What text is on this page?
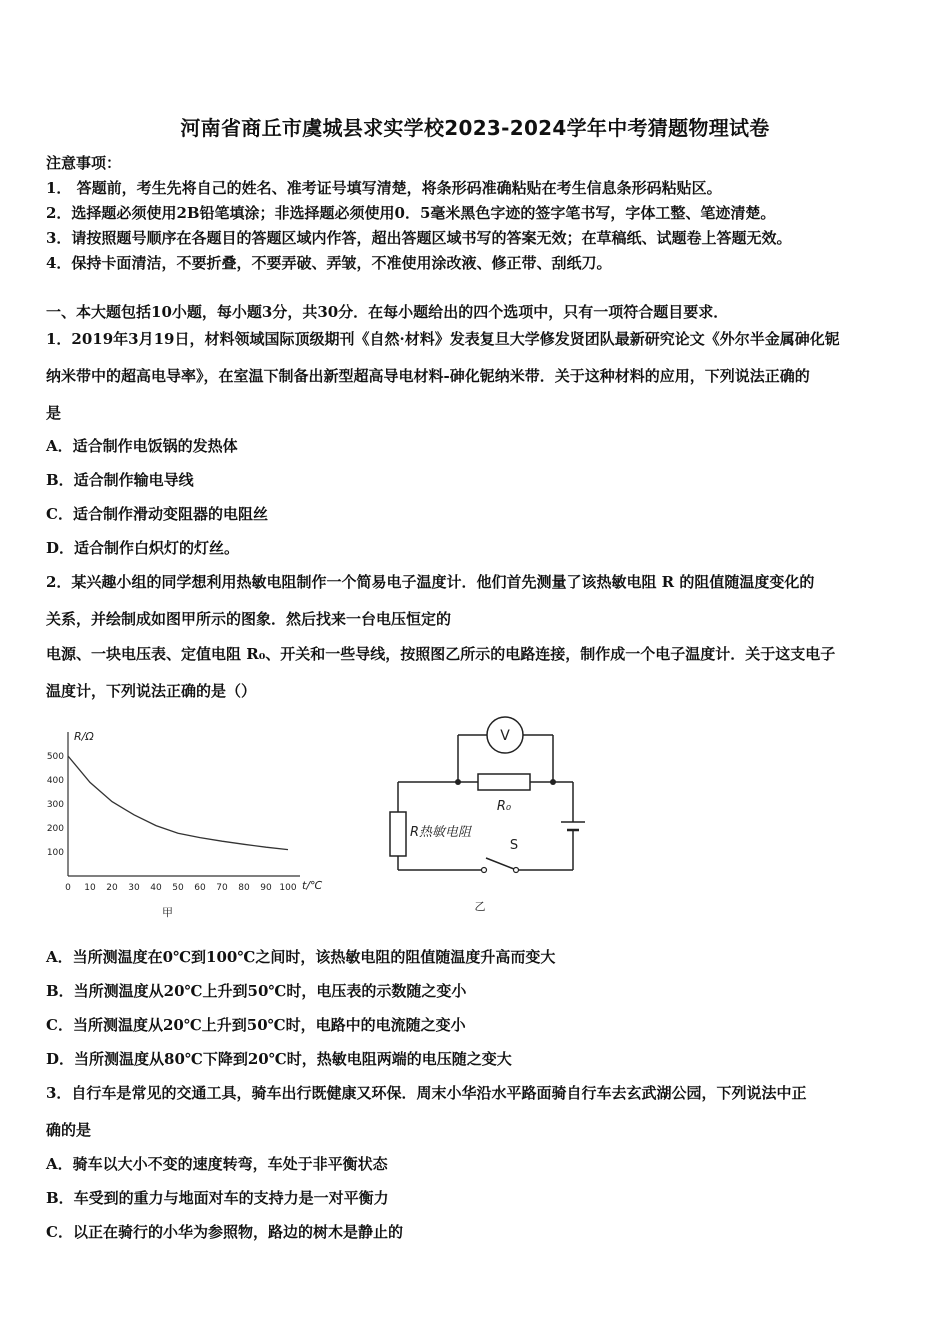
河南省商丘市虞城县求实学校2023-2024学年中考猜题物理试卷
注意事项：
1． 答题前，考生先将自己的姓名、准考证号填写清楚，将条形码准确粘贴在考生信息条形码粘贴区。
2．选择题必须使用2B铅笔填涂；非选择题必须使用0．5毫米黑色字迹的签字笔书写，字体工整、笔迹清楚。
3．请按照题号顺序在各题目的答题区域内作答，超出答题区域书写的答案无效；在草稿纸、试题卷上答题无效。
4．保持卡面清洁，不要折叠，不要弄破、弄皱，不准使用涂改液、修正带、刮纸刀。
一、本大题包括10小题，每小题3分，共30分．在每小题给出的四个选项中，只有一项符合题目要求．
1．2019年3月19日，材料领域国际顶级期刊《自然·材料》发表复旦大学修发贤团队最新研究论文《外尔半金属砷化铌
纳米带中的超高电导率》，在室温下制备出新型超高导电材料-砷化铌纳米带．关于这种材料的应用，下列说法正确的
是
A．适合制作电饭锅的发热体
B．适合制作输电导线
C．适合制作滑动变阻器的电阻丝
D．适合制作白炽灯的灯丝。
2．某兴趣小组的同学想利用热敏电阻制作一个简易电子温度计．他们首先测量了该热敏电阻 R 的阻值随温度变化的
关系，并绘制成如图甲所示的图象．然后找来一台电压恒定的
电源、一块电压表、定值电阻 R₀、开关和一些导线，按照图乙所示的电路连接，制作成一个电子温度计．关于这支电子
温度计，下列说法正确的是（）
0 10 20 30 40 50 60 70 80 90 100
100
200
300
400
500
R/Ω
t/℃
甲
V
R₀
S
R热敏电阻
乙
A．当所测温度在0℃到100℃之间时，该热敏电阻的阻值随温度升高而变大
B．当所测温度从20℃上升到50℃时，电压表的示数随之变小
C．当所测温度从20℃上升到50℃时，电路中的电流随之变小
D．当所测温度从80℃下降到20℃时，热敏电阻两端的电压随之变大
3．自行车是常见的交通工具，骑车出行既健康又环保．周末小华沿水平路面骑自行车去玄武湖公园，下列说法中正
确的是
A．骑车以大小不变的速度转弯，车处于非平衡状态
B．车受到的重力与地面对车的支持力是一对平衡力
C．以正在骑行的小华为参照物，路边的树木是静止的
